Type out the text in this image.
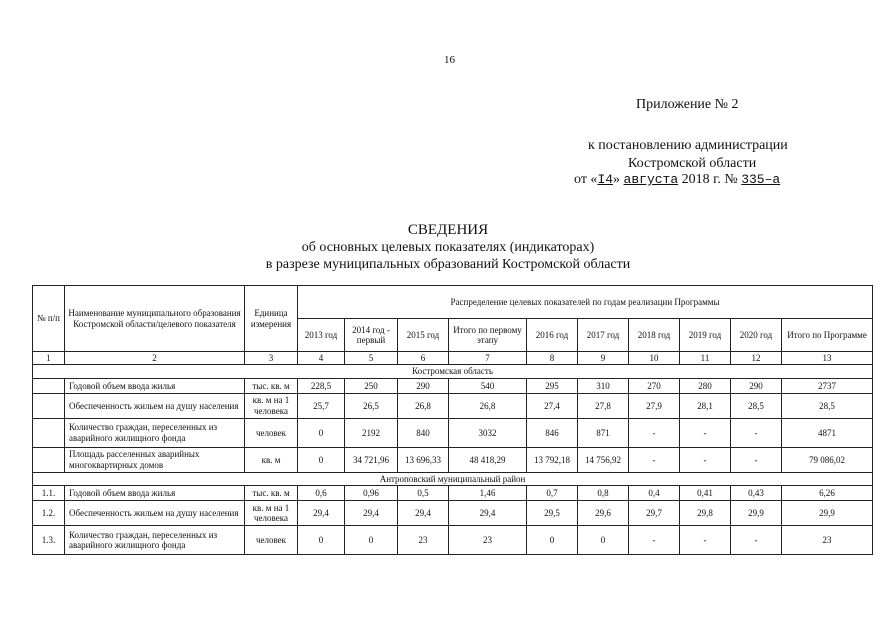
16
Приложение № 2
к постановлению администрации
Костромской области
от «I4» августа 2018 г. № 335–а
СВЕДЕНИЯ
об основных целевых показателях (индикаторах)
в разрезе муниципальных образований Костромской области
№ п/п	Наименование муниципального образования Костромской области/целевого показателя	Единица измерения	Распределение целевых показателей по годам реализации Программы									
			2013 год	2014 год - первый	2015 год	Итого по первому этапу	2016 год	2017 год	2018 год	2019 год	2020 год	Итого по Программе
1	2	3	4	5	6	7	8	9	10	11	12	13
Костромская область												
	Годовой объем ввода жилья	тыс. кв. м	228,5	250	290	540	295	310	270	280	290	2737
	Обеспеченность жильем на душу населения	кв. м на 1 человека	25,7	26,5	26,8	26,8	27,4	27,8	27,9	28,1	28,5	28,5
	Количество граждан, переселенных из аварийного жилищного фонда	человек	0	2192	840	3032	846	871	-	-	-	4871
	Площадь расселенных аварийных многоквартирных домов	кв. м	0	34 721,96	13 696,33	48 418,29	13 792,18	14 756,92	-	-	-	79 086,02
Антроповский муниципальный район												
1.1.	Годовой объем ввода жилья	тыс. кв. м	0,6	0,96	0,5	1,46	0,7	0,8	0,4	0,41	0,43	6,26
1.2.	Обеспеченность жильем на душу населения	кв. м на 1 человека	29,4	29,4	29,4	29,4	29,5	29,6	29,7	29,8	29,9	29,9
1.3.	Количество граждан, переселенных из аварийного жилищного фонда	человек	0	0	23	23	0	0	-	-	-	23
